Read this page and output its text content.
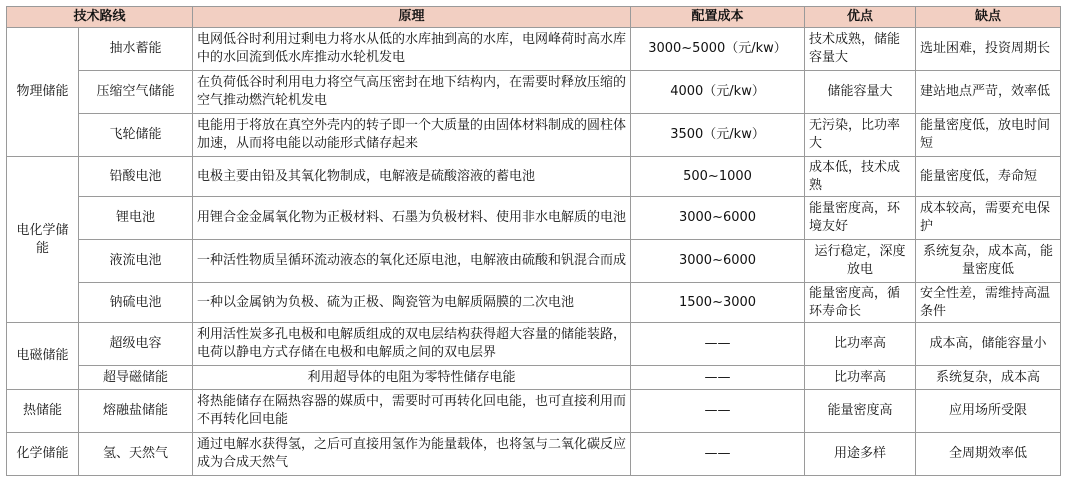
技术路线		原理	配置成本	优点	缺点
物理储能	抽水蓄能	电网低谷时利用过剩电力将水从低的水库抽到高的水库，电网峰荷时高水库中的水回流到低水库推动水轮机发电	3000~5000（元/kw）	技术成熟，储能容量大	选址困难，投资周期长
	压缩空气储能	在负荷低谷时利用电力将空气高压密封在地下结构内，在需要时释放压缩的空气推动燃汽轮机发电	4000（元/kw）	储能容量大	建站地点严苛，效率低
	飞轮储能	电能用于将放在真空外壳内的转子即一个大质量的由固体材料制成的圆柱体加速，从而将电能以动能形式储存起来	3500（元/kw）	无污染，比功率大	能量密度低，放电时间短
电化学储能	铅酸电池	电极主要由铅及其氧化物制成，电解液是硫酸溶液的蓄电池	500~1000	成本低，技术成熟	能量密度低，寿命短
	锂电池	用锂合金金属氧化物为正极材料、石墨为负极材料、使用非水电解质的电池	3000~6000	能量密度高，环境友好	成本较高，需要充电保护
	液流电池	一种活性物质呈循环流动液态的氧化还原电池，电解液由硫酸和钒混合而成	3000~6000	运行稳定，深度放电	系统复杂，成本高，能量密度低
	钠硫电池	一种以金属钠为负极、硫为正极、陶瓷管为电解质隔膜的二次电池	1500~3000	能量密度高，循环寿命长	安全性差，需维持高温条件
电磁储能	超级电容	利用活性炭多孔电极和电解质组成的双电层结构获得超大容量的储能装路，电荷以静电方式存储在电极和电解质之间的双电层界	——	比功率高	成本高，储能容量小
	超导磁储能	利用超导体的电阻为零特性储存电能	——	比功率高	系统复杂，成本高
热储能	熔融盐储能	将热能储存在隔热容器的媒质中，需要时可再转化回电能，也可直接利用而不再转化回电能	——	能量密度高	应用场所受限
化学储能	氢、天然气	通过电解水获得氢，之后可直接用氢作为能量载体，也将氢与二氧化碳反应成为合成天然气	——	用途多样	全周期效率低
